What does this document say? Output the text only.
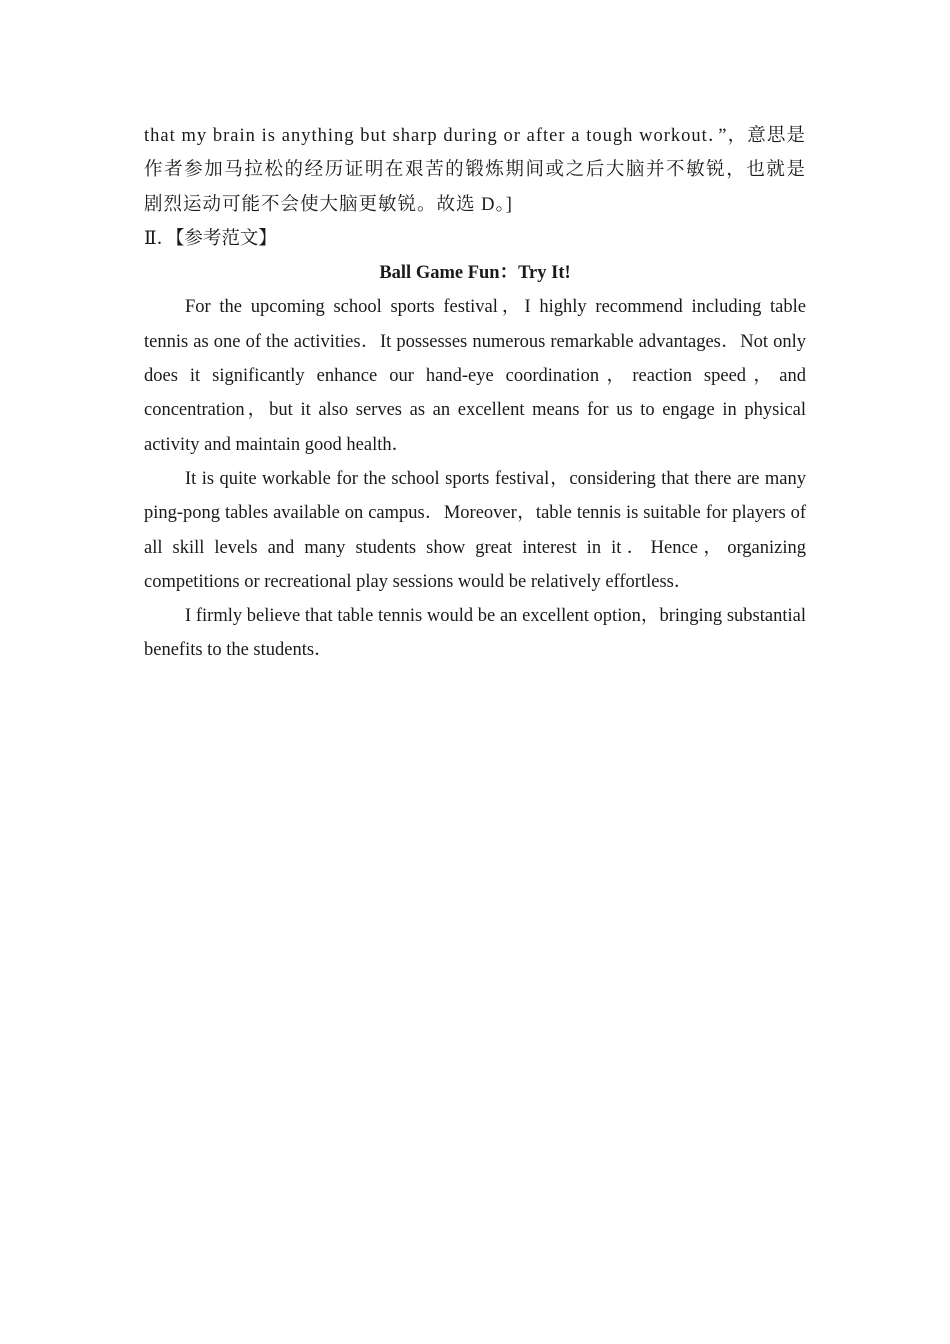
that my brain is anything but sharp during or after a tough workout．”，意思是作者参加马拉松的经历证明在艰苦的锻炼期间或之后大脑并不敏锐，也就是剧烈运动可能不会使大脑更敏锐。故选 D。]

Ⅱ．【参考范文】

Ball Game Fun：Try It!

For the upcoming school sports festival，I highly recommend including table tennis as one of the activities．It possesses numerous remarkable advantages．Not only does it significantly enhance our hand-eye coordination，reaction speed，and concentration，but it also serves as an excellent means for us to engage in physical activity and maintain good health．

It is quite workable for the school sports festival，considering that there are many ping-pong tables available on campus．Moreover，table tennis is suitable for players of all skill levels and many students show great interest in it．Hence，organizing competitions or recreational play sessions would be relatively effortless．

I firmly believe that table tennis would be an excellent option，bringing substantial benefits to the students．
